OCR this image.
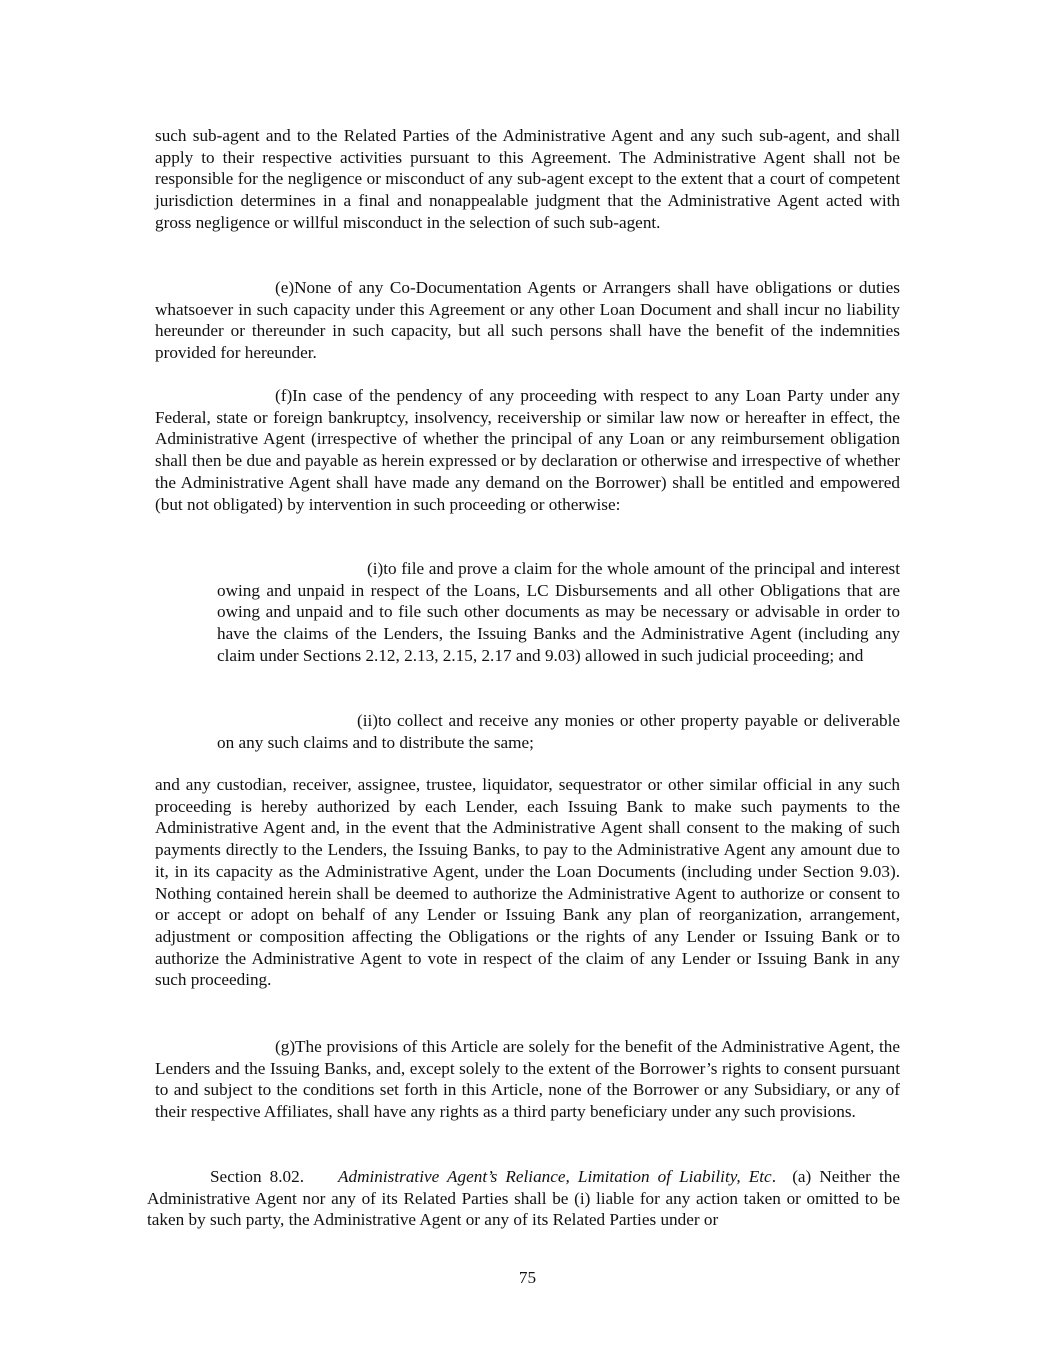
such sub-agent and to the Related Parties of the Administrative Agent and any such sub-agent, and shall apply to their respective activities pursuant to this Agreement. The Administrative Agent shall not be responsible for the negligence or misconduct of any sub-agent except to the extent that a court of competent jurisdiction determines in a final and nonappealable judgment that the Administrative Agent acted with gross negligence or willful misconduct in the selection of such sub-agent.

(e)None of any Co-Documentation Agents or Arrangers shall have obligations or duties whatsoever in such capacity under this Agreement or any other Loan Document and shall incur no liability hereunder or thereunder in such capacity, but all such persons shall have the benefit of the indemnities provided for hereunder.

(f)In case of the pendency of any proceeding with respect to any Loan Party under any Federal, state or foreign bankruptcy, insolvency, receivership or similar law now or hereafter in effect, the Administrative Agent (irrespective of whether the principal of any Loan or any reimbursement obligation shall then be due and payable as herein expressed or by declaration or otherwise and irrespective of whether the Administrative Agent shall have made any demand on the Borrower) shall be entitled and empowered (but not obligated) by intervention in such proceeding or otherwise:

(i)to file and prove a claim for the whole amount of the principal and interest owing and unpaid in respect of the Loans, LC Disbursements and all other Obligations that are owing and unpaid and to file such other documents as may be necessary or advisable in order to have the claims of the Lenders, the Issuing Banks and the Administrative Agent (including any claim under Sections 2.12, 2.13, 2.15, 2.17 and 9.03) allowed in such judicial proceeding; and

(ii)to collect and receive any monies or other property payable or deliverable on any such claims and to distribute the same;

and any custodian, receiver, assignee, trustee, liquidator, sequestrator or other similar official in any such proceeding is hereby authorized by each Lender, each Issuing Bank to make such payments to the Administrative Agent and, in the event that the Administrative Agent shall consent to the making of such payments directly to the Lenders, the Issuing Banks, to pay to the Administrative Agent any amount due to it, in its capacity as the Administrative Agent, under the Loan Documents (including under Section 9.03). Nothing contained herein shall be deemed to authorize the Administrative Agent to authorize or consent to or accept or adopt on behalf of any Lender or Issuing Bank any plan of reorganization, arrangement, adjustment or composition affecting the Obligations or the rights of any Lender or Issuing Bank or to authorize the Administrative Agent to vote in respect of the claim of any Lender or Issuing Bank in any such proceeding.

(g)The provisions of this Article are solely for the benefit of the Administrative Agent, the Lenders and the Issuing Banks, and, except solely to the extent of the Borrower’s rights to consent pursuant to and subject to the conditions set forth in this Article, none of the Borrower or any Subsidiary, or any of their respective Affiliates, shall have any rights as a third party beneficiary under any such provisions.

Section 8.02. Administrative Agent’s Reliance, Limitation of Liability, Etc. (a) Neither the Administrative Agent nor any of its Related Parties shall be (i) liable for any action taken or omitted to be taken by such party, the Administrative Agent or any of its Related Parties under or

75
